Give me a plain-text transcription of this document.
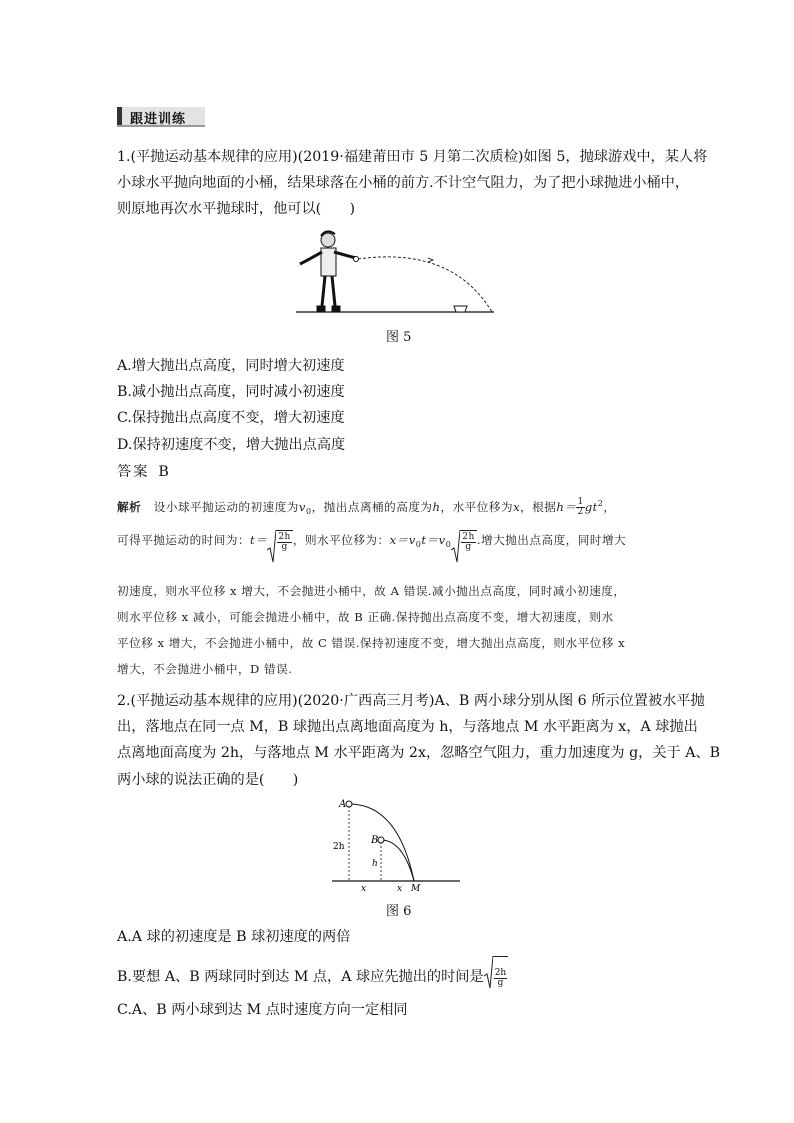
跟进训练
1.(平抛运动基本规律的应用)(2019·福建莆田市 5 月第二次质检)如图 5，抛球游戏中，某人将
小球水平抛向地面的小桶，结果球落在小桶的前方.不计空气阻力，为了把小球抛进小桶中，
则原地再次水平抛球时，他可以(　　)
图 5
A.增大抛出点高度，同时增大初速度
B.减小抛出点高度，同时减小初速度
C.保持抛出点高度不变，增大初速度
D.保持初速度不变，增大抛出点高度
答案 B
解析 设小球平抛运动的初速度为$v_0$，抛出点离桶的高度为h，水平位移为x，根据$h= \frac{1}{2} gt^2$，
可得平抛运动的时间为：$t= \frac{2h}{g}$ ，则水平位移为：$x=v_0t=v_0 \frac{2h}{g}$ .增大抛出点高度，同时增大
初速度，则水平位移 x 增大，不会抛进小桶中，故 A 错误.减小抛出点高度，同时减小初速度，
则水平位移 x 减小，可能会抛进小桶中，故 B 正确.保持抛出点高度不变，增大初速度，则水
平位移 x 增大，不会抛进小桶中，故 C 错误.保持初速度不变，增大抛出点高度，则水平位移 x
增大，不会抛进小桶中，D 错误.
2.(平抛运动基本规律的应用)(2020·广西高三月考)A、B 两小球分别从图 6 所示位置被水平抛
出，落地点在同一点 M，B 球抛出点离地面高度为 h，与落地点 M 水平距离为 x，A 球抛出
点离地面高度为 2h，与落地点 M 水平距离为 2x，忽略空气阻力，重力加速度为 g，关于 A、B
两小球的说法正确的是(　　)
A
B
2h
h
x	x M
图 6
A.A 球的初速度是 B 球初速度的两倍
B.要想 A、B 两球同时到达 M 点，A 球应先抛出的时间是 $\frac{2h}{g}$
C.A、B 两小球到达 M 点时速度方向一定相同
